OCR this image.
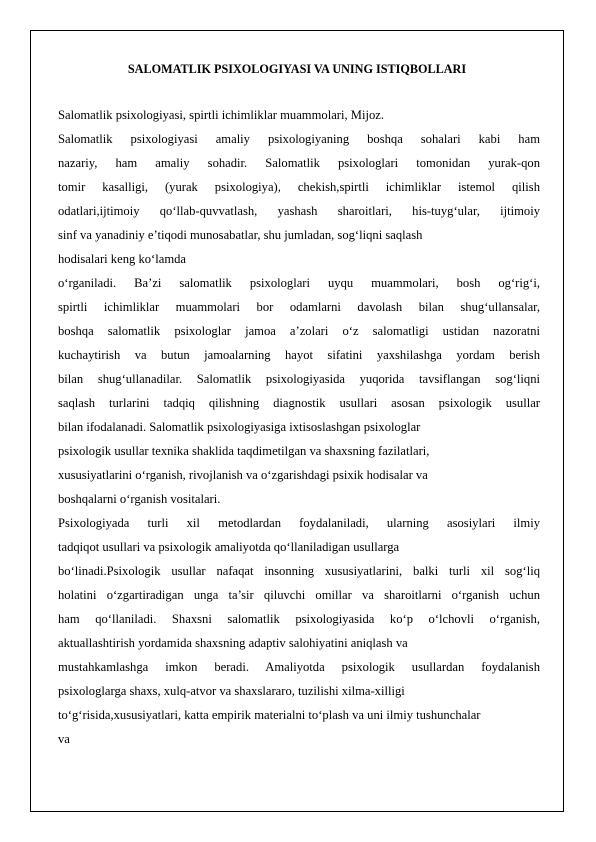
SALOMATLIK PSIXOLOGIYASI VA UNING ISTIQBOLLARI
Salomatlik psixologiyasi, spirtli ichimliklar muammolari, Mijoz.
Salomatlik psixologiyasi amaliy psixologiyaning boshqa sohalari kabi ham
nazariy, ham amaliy sohadir. Salomatlik psixologlari tomonidan yurak-qon
tomir kasalligi, (yurak psixologiya), chekish,spirtli ichimliklar istemol qilish
odatlari,ijtimoiy qo‘llab-quvvatlash, yashash sharoitlari, his-tuyg‘ular, ijtimoiy
sinf va yanadiniy e’tiqodi munosabatlar, shu jumladan, sog‘liqni saqlash
hodisalari keng ko‘lamda
o‘rganiladi. Ba’zi salomatlik psixologlari uyqu muammolari, bosh og‘rig‘i,
spirtli ichimliklar muammolari bor odamlarni davolash bilan shug‘ullansalar,
boshqa salomatlik psixologlar jamoa a’zolari o‘z salomatligi ustidan nazoratni
kuchaytirish va butun jamoalarning hayot sifatini yaxshilashga yordam berish
bilan shug‘ullanadilar. Salomatlik psixologiyasida yuqorida tavsiflangan sog‘liqni
saqlash turlarini tadqiq qilishning diagnostik usullari asosan psixologik usullar
bilan ifodalanadi. Salomatlik psixologiyasiga ixtisoslashgan psixologlar
psixologik usullar texnika shaklida taqdimetilgan va shaxsning fazilatlari,
xususiyatlarini o‘rganish, rivojlanish va o‘zgarishdagi psixik hodisalar va
boshqalarni o‘rganish vositalari.
Psixologiyada turli xil metodlardan foydalaniladi, ularning asosiylari ilmiy
tadqiqot usullari va psixologik amaliyotda qo‘llaniladigan usullarga
bo‘linadi.Psixologik usullar nafaqat insonning xususiyatlarini, balki turli xil sog‘liq
holatini o‘zgartiradigan unga ta’sir qiluvchi omillar va sharoitlarni o‘rganish uchun
ham qo‘llaniladi. Shaxsni salomatlik psixologiyasida ko‘p o‘lchovli o‘rganish,
aktuallashtirish yordamida shaxsning adaptiv salohiyatini aniqlash va
mustahkamlashga imkon beradi. Amaliyotda psixologik usullardan foydalanish
psixologlarga shaxs, xulq-atvor va shaxslararo, tuzilishi xilma-xilligi
to‘g‘risida,xususiyatlari, katta empirik materialni to‘plash va uni ilmiy tushunchalar
va
